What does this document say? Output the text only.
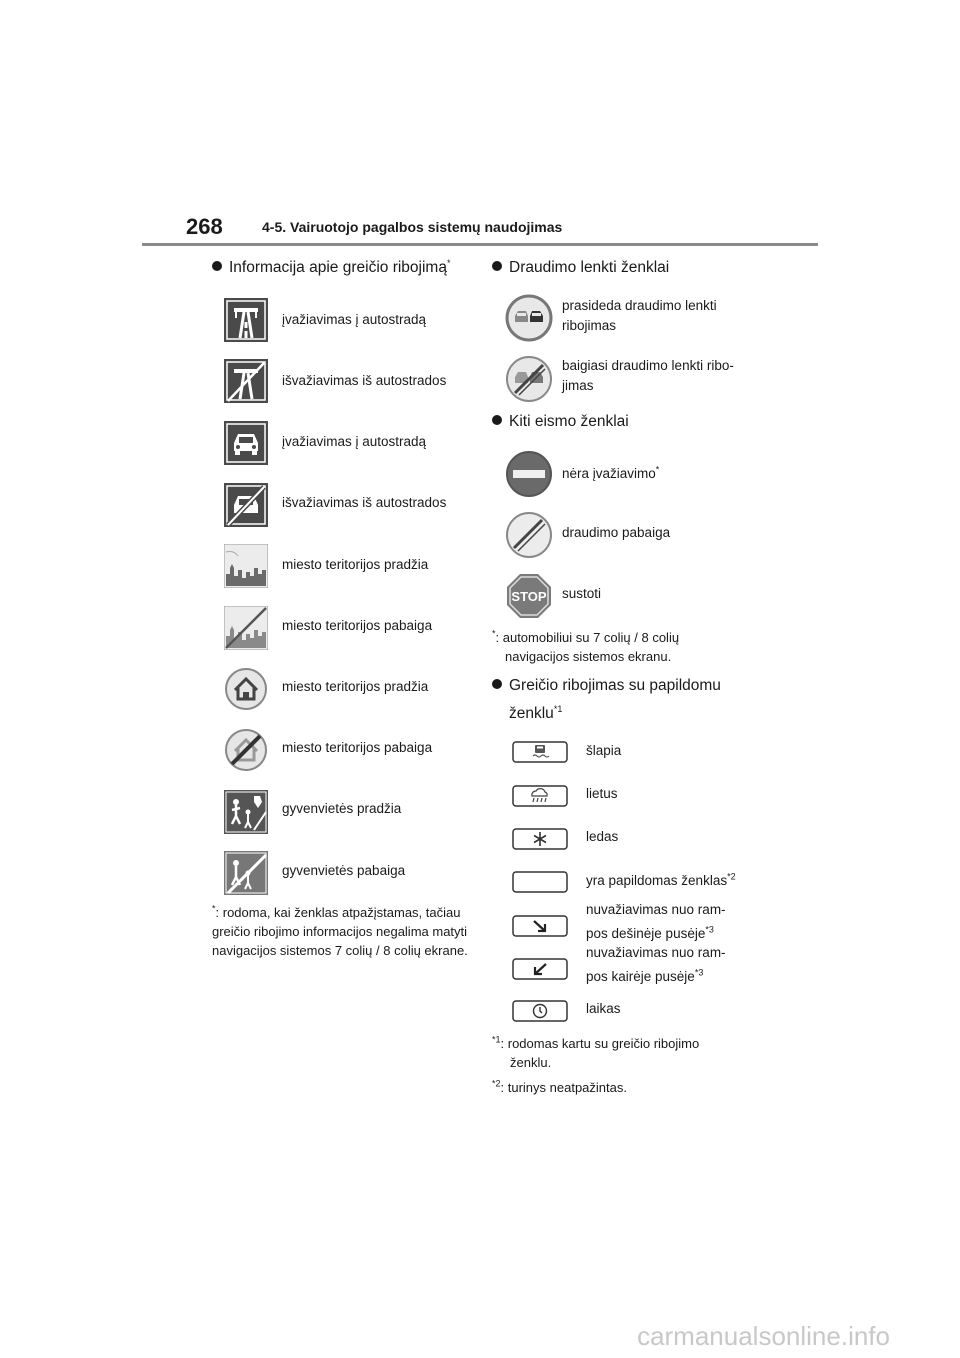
268	4-5. Vairuotojo pagalbos sistemų naudojimas
Informacija apie greičio ribojimą*
įvažiavimas į autostradą
išvažiavimas iš autostrados
įvažiavimas į autostradą
išvažiavimas iš autostrados
miesto teritorijos pradžia
miesto teritorijos pabaiga
miesto teritorijos pradžia
miesto teritorijos pabaiga
gyvenvietės pradžia
gyvenvietės pabaiga
*: rodoma, kai ženklas atpažįstamas, tačiau greičio ribojimo informacijos negalima matyti navigacijos sistemos 7 colių / 8 colių ekrane.
Draudimo lenkti ženklai
prasideda draudimo lenkti
ribojimas
baigiasi draudimo lenkti ribo-
jimas
Kiti eismo ženklai
nėra įvažiavimo*
draudimo pabaiga
STOP sustoti
*: automobiliui su 7 colių / 8 colių
navigacijos sistemos ekranu.
Greičio ribojimas su papildomu
ženklu$^{*1}$
šlapia
lietus
ledas
yra papildomas ženklas$^{*2}$
nuvažiavimas nuo ram-
pos dešinėje pusėje$^{*3}$
nuvažiavimas nuo ram-
pos kairėje pusėje$^{*3}$
laikas
$^{*1}$: rodomas kartu su greičio ribojimo
ženklu.
$^{*2}$: turinys neatpažintas.
carmanualsonline.info
